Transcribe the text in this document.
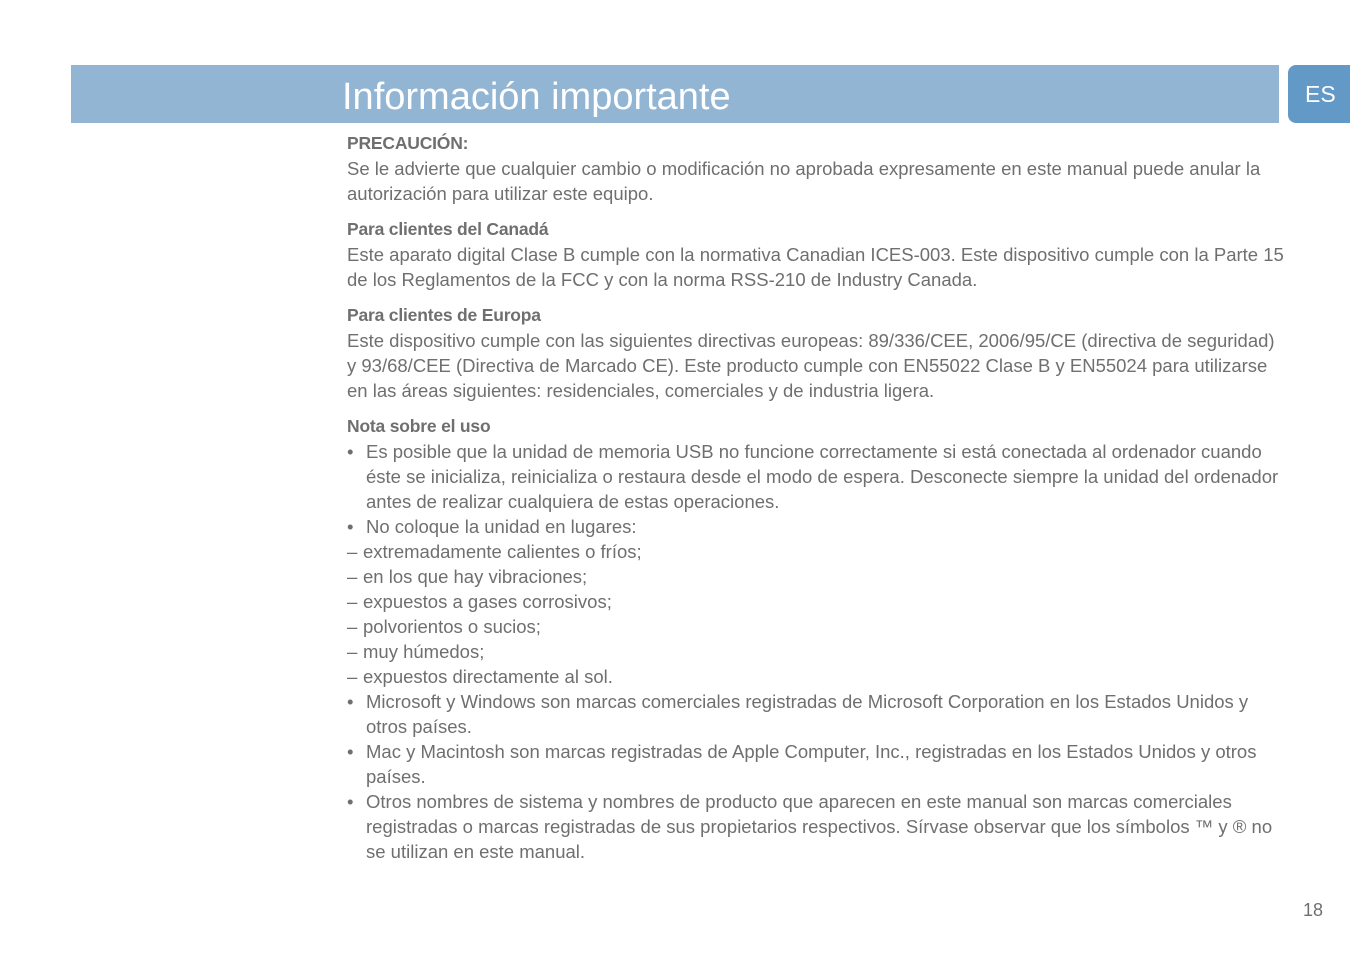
Información importante	ES
PRECAUCIÓN:

Se le advierte que cualquier cambio o modificación no aprobada expresamente en este manual puede anular la autorización para utilizar este equipo.

Para clientes del Canadá

Este aparato digital Clase B cumple con la normativa Canadian ICES-003. Este dispositivo cumple con la Parte 15 de los Reglamentos de la FCC y con la norma RSS-210 de Industry Canada.

Para clientes de Europa

Este dispositivo cumple con las siguientes directivas europeas: 89/336/CEE, 2006/95/CE (directiva de seguridad) y 93/68/CEE (Directiva de Marcado CE). Este producto cumple con EN55022 Clase B y EN55024 para utilizarse en las áreas siguientes: residenciales, comerciales y de industria ligera.

Nota sobre el uso
• Es posible que la unidad de memoria USB no funcione correctamente si está conectada al ordenador cuando éste se inicializa, reinicializa o restaura desde el modo de espera. Desconecte siempre la unidad del ordenador antes de realizar cualquiera de estas operaciones.
• No coloque la unidad en lugares:
– extremadamente calientes o fríos;
– en los que hay vibraciones;
– expuestos a gases corrosivos;
– polvorientos o sucios;
– muy húmedos;
– expuestos directamente al sol.
• Microsoft y Windows son marcas comerciales registradas de Microsoft Corporation en los Estados Unidos y otros países.
• Mac y Macintosh son marcas registradas de Apple Computer, Inc., registradas en los Estados Unidos y otros países.
• Otros nombres de sistema y nombres de producto que aparecen en este manual son marcas comerciales registradas o marcas registradas de sus propietarios respectivos. Sírvase observar que los símbolos ™ y ® no se utilizan en este manual.
18
